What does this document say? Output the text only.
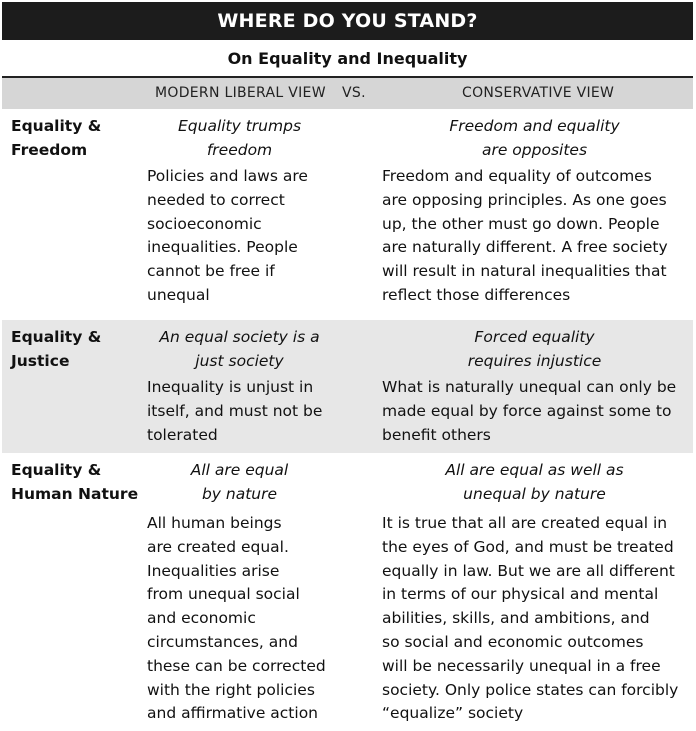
WHERE DO YOU STAND?
On Equality and Inequality
MODERN LIBERAL VIEW VS.	CONSERVATIVE VIEW
Equality &
Freedom
Equality trumps
freedom
Freedom and equality
are opposites
Policies and laws are
needed to correct
socioeconomic
inequalities. People
cannot be free if
unequal
Freedom and equality of outcomes
are opposing principles. As one goes
up, the other must go down. People
are naturally different. A free society
will result in natural inequalities that
reflect those differences
Equality &
Justice
An equal society is a
just society
Forced equality
requires injustice
Inequality is unjust in
itself, and must not be
tolerated
What is naturally unequal can only be
made equal by force against some to
benefit others
Equality &
Human Nature
All are equal
by nature
All are equal as well as
unequal by nature
All human beings
are created equal.
Inequalities arise
from unequal social
and economic
circumstances, and
these can be corrected
with the right policies
and affirmative action
It is true that all are created equal in
the eyes of God, and must be treated
equally in law. But we are all different
in terms of our physical and mental
abilities, skills, and ambitions, and
so social and economic outcomes
will be necessarily unequal in a free
society. Only police states can forcibly
“equalize” society
